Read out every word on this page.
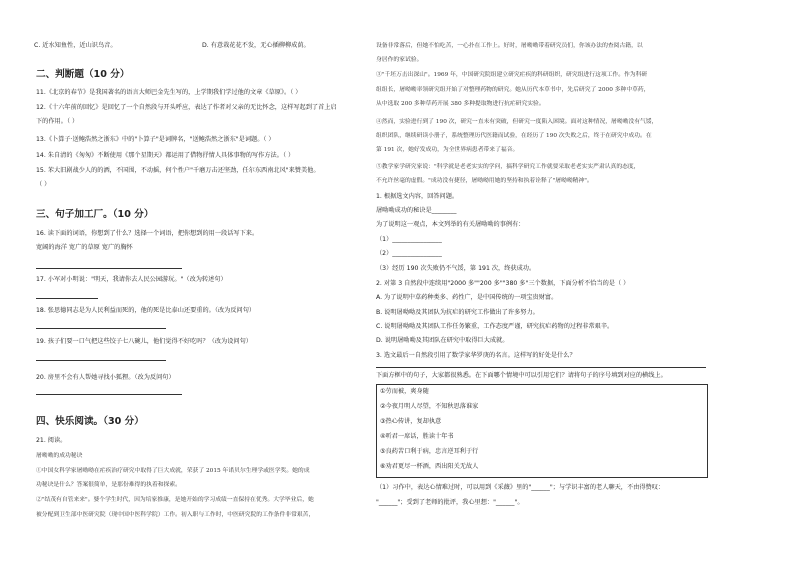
C. 近水知鱼性，近山识鸟音。	D. 有意栽花花不发，无心插柳柳成荫。
二、判断题（10 分）
11.《北京的春节》是我国著名的语言大师巴金先生写的，上学期我们学过他的文章《草原》。（ ）
12.《十六年前的回忆》是回忆了一个自然段与开头呼应，表达了作者对父亲的无比怀念，这样写起到了首上启
下的作用。（ ）
13.《卜算子·送鲍浩然之浙东》中的"卜算子"是词牌名，"送鲍浩然之浙东"是词题。（ ）
14. 朱自清的《匆匆》不断使用《那个星期天》都运用了借物抒情人具体事物的写作方法。（ ）
15. 苯大旧剧战少人的的洒，不国围，不动摇，何个性户"千磨万击还坚劲，任尔东西南北风"来赞美他。
（ ）
三、句子加工厂。（10 分）
16. 读下面的词语，你想到了什么？选择一个词语，把你想到的用一段话写下来。
宽阔的海洋 宽广的草原 宽广的胸怀
17. 小军对小明说："明天，我请你去人民公园游玩。"（改为转述句）
18. 张思德同志是为人民利益而死的，他的死是比泰山还要重的。（改为反问句）
19. 孩子们要一口气把这些饺子七八碗儿，他们觉得不好吃吗？（改为设问句）
20. 房里不会有人帮她寻找小狐狸。（改为反问句）
四、快乐阅读。（30 分）
21. 阅读。
屠呦呦的成功秘诀
①中国女科学家屠呦呦在疟疾治疗研究中取得了巨大成就，荣获了 2015 年诺贝尔生理学或医学奖。她的成
功秘诀是什么？答案很简单，是那份难得的执着和探索。
②"结茂有自管来来"。婆个学生时代，因为培家推康，是她开始的学习成绩一直保持在优秀。大学毕业后，她
被分配到卫生部中医研究院（现中国中医科学院）工作。初入职与工作时，中医研究院的工作条件非常艰苦，
设备非常落后，但她不怕吃苦，一心扑在工作上。好时，屠呦呦带着研究员们，你该办法的查阅古籍，以
身居作的家试验。
③"千坯万击出深山"。1969 年，中国研究院组建立研究疟疾的科研组织，研究组进行这项工作。作为科研
组组长，屠呦呦率领研究组开始了对整理药物的研究。她从历代本草书中，先后研究了 2000 多种中草药，
从中选取 200 多种草药开展 380 多种提取物进行抗疟研究实验。
④然而，实验进行到了 190 次，研究一直未有突破，但研究一度陷入困境。面对这种情况，屠呦呦没有气馁，
组织团队，继续研读小册子，系统整理历代医籍而试验，在经历了 190 次失败之后，终于在研究中成功。在
第 191 次，她好发成功，为全世界病患者带来了福音。
⑤教学家学研究家说："科学就是老老实实的学问，搞科学研究工作就要采取老老实实严肃认真的态度，
不允许丝毫的虚假。"成功没有捷径，屠呦呦用她的坚持和执着诠释了"屠呦呦精神"。
1. 根据选文内容，回答问题。
屠呦呦成功的秘诀是________
为了说明这一观点，本文列举的有关屠呦呦的事例有：
（1）________________
（2）________________
（3）经历 190 次失败仍不气馁，第 191 次，终获成功。
2. 对第 3 自然段中连续用"2000 多""200 多""380 多"三个数据，下面分析不恰当的是（ ）
A. 为了说明中草药种类多、药性广，是中国传统的一项宝贵财富。
B. 说明屠呦呦及其团队为抗疟的研究工作做出了许多努力。
C. 说明屠呦呦及其团队工作任务繁重，工作态度严谨，研究抗疟药物的过程非常艰辛。
D. 说明屠呦呦及其团队在研究中取得巨大成就。
3. 选文最后一自然段引用了数学家华罗庚的名言。这样写的好处是什么？
下面方框中的句子，大家都很熟悉。在下面哪个情境中可以引用它们？请将句子的序号填到对应的横线上。
①劳而被，爽身随
②今夜月明人尽望，不知秋思落谁家
③热心传讲，复却执意
④听君一席话，胜读十年书
⑤良药苦口利于病，忠言逆耳利于行
⑥劝君更尽一杯酒，西出阳关无故人
（1）习作中，表达心情难过时，可以用到《采薇》里的"______"；与学识丰富的老人聊天，不由得赞叹：
"______"；受到了老师的批评，我心里想："______"。
